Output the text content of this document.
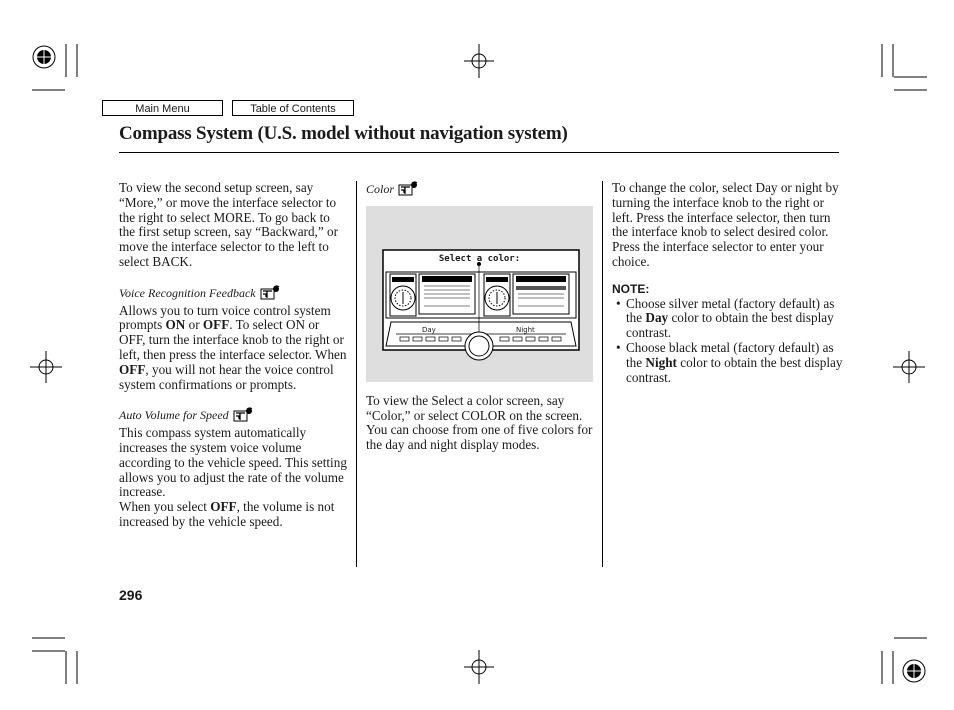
Main Menu	Table of Contents
Compass System (U.S. model without navigation system)

To view the second setup screen, say “More,” or move the interface selector to the right to select MORE. To go back to the first setup screen, say “Backward,” or move the interface selector to the left to select BACK.

Voice Recognition Feedback

Allows you to turn voice control system prompts ON or OFF. To select ON or OFF, turn the interface knob to the right or left, then press the interface selector. When OFF, you will not hear the voice control system confirmations or prompts.

Auto Volume for Speed

This compass system automatically increases the system voice volume according to the vehicle speed. This setting allows you to adjust the rate of the volume increase.

When you select OFF, the volume is not increased by the vehicle speed.

Color

Select a color:
Day	Night

To view the Select a color screen, say “Color,” or select COLOR on the screen. You can choose from one of five colors for the day and night display modes.

To change the color, select Day or night by turning the interface knob to the right or left. Press the interface selector, then turn the interface knob to select desired color. Press the interface selector to enter your choice.

NOTE:

• Choose silver metal (factory default) as the Day color to obtain the best display contrast.
• Choose black metal (factory default) as the Night color to obtain the best display contrast.
296
